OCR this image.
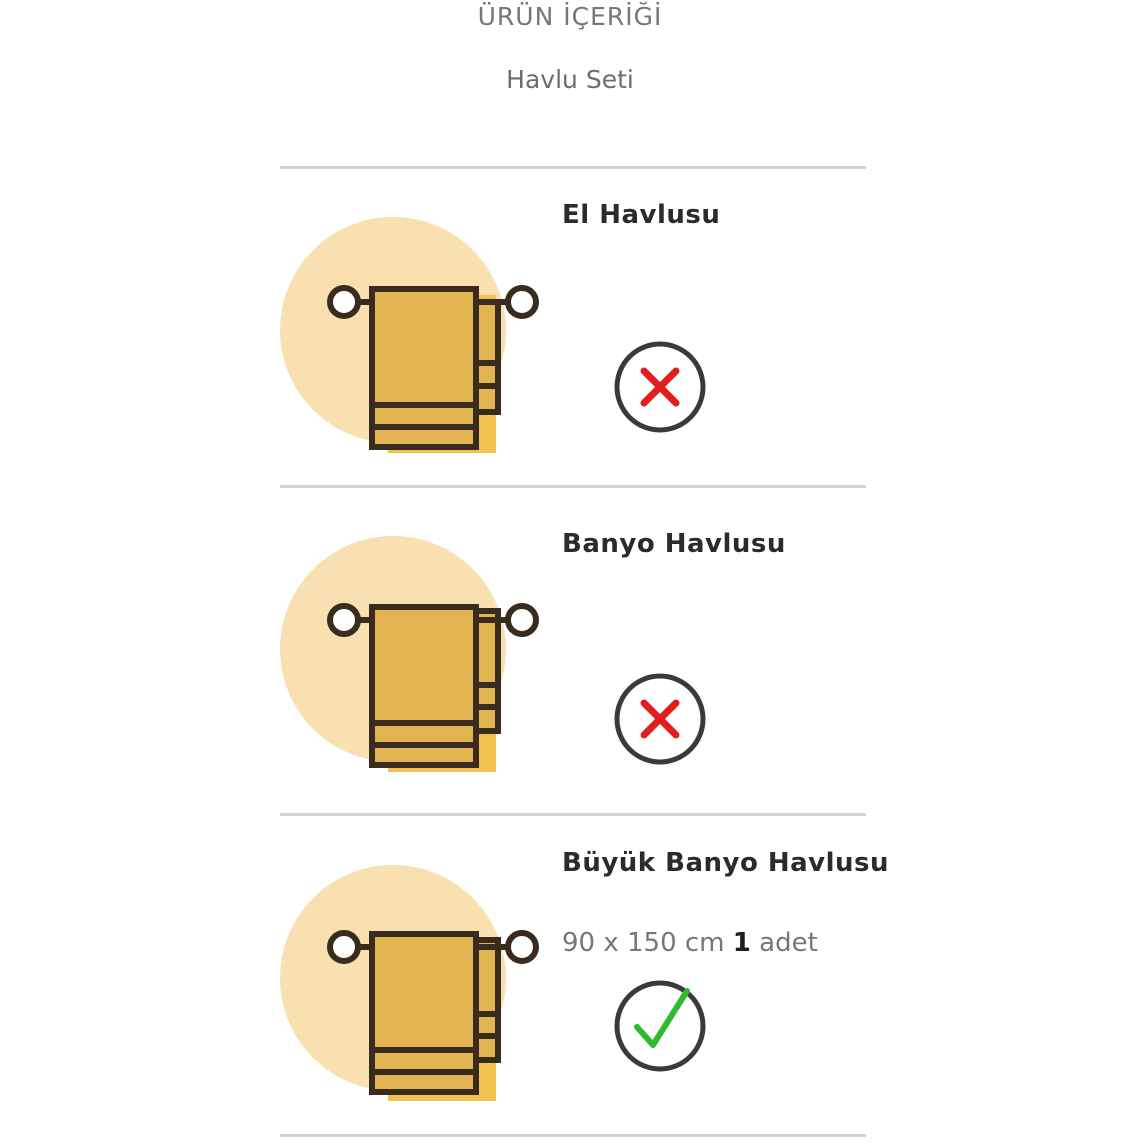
ÜRÜN İÇERİĞİ
Havlu Seti
El Havlusu
Banyo Havlusu
Büyük Banyo Havlusu
90 x 150 cm 1 adet
